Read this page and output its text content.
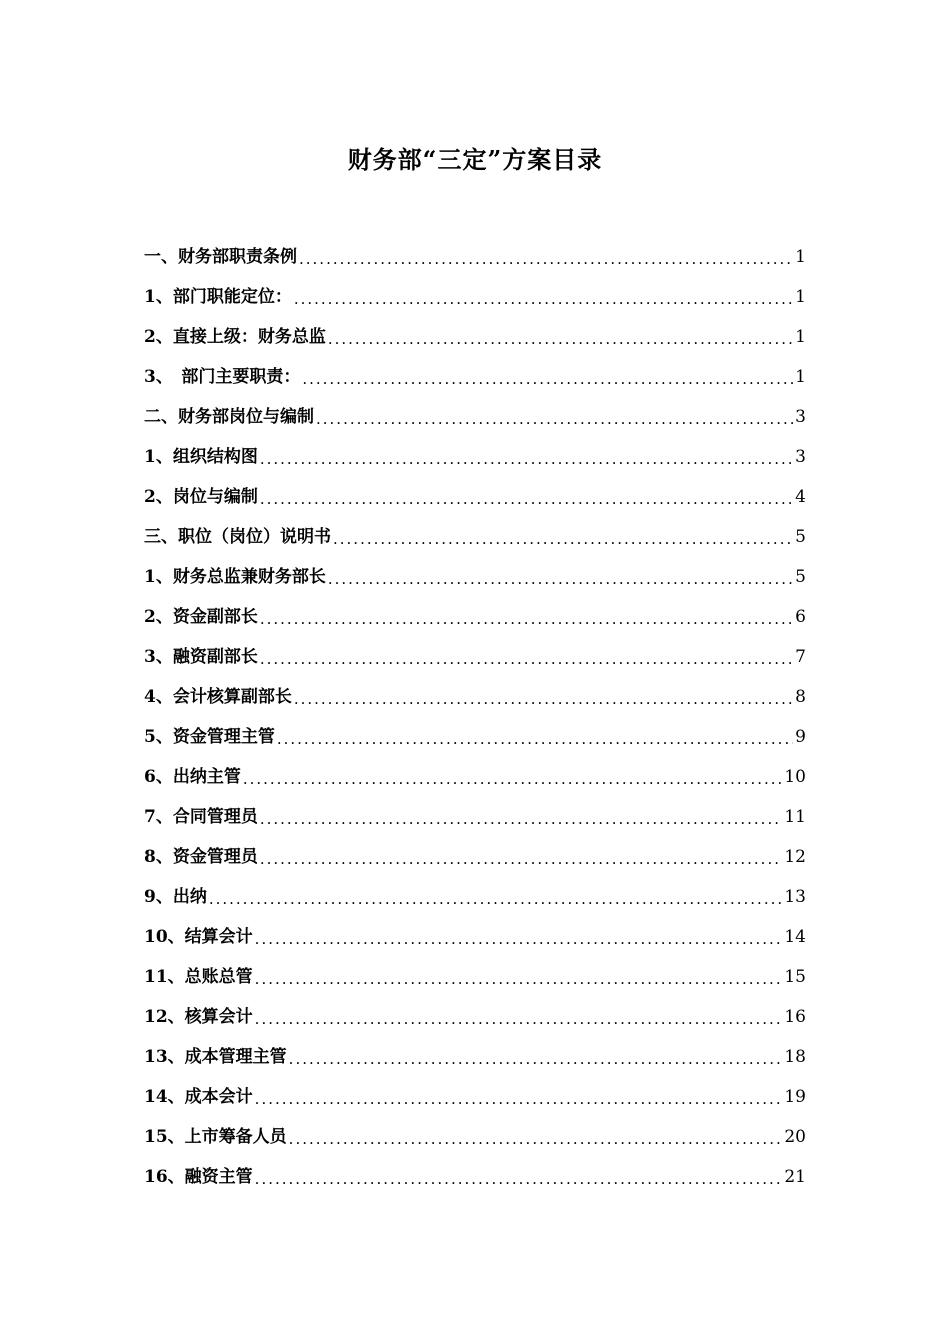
财务部“三定”方案目录
一、财务部职责条例 .....	1
1、部门职能定位： .....	1
2、直接上级：财务总监 .....	1
3、　部门主要职责： .....	1
二、财务部岗位与编制 .....	3
1、组织结构图 .....	3
2、岗位与编制 .....	4
三、职位（岗位）说明书 .....	5
1、财务总监兼财务部长 .....	5
2、资金副部长 .....	6
3、融资副部长 .....	7
4、会计核算副部长 .....	8
5、资金管理主管 .....	9
6、出纳主管 .....	10
7、合同管理员 .....	11
8、资金管理员 .....	12
9、出纳 .....	13
10、结算会计 .....	14
11、总账总管 .....	15
12、核算会计 .....	16
13、成本管理主管 .....	18
14、成本会计 .....	19
15、上市筹备人员 .....	20
16、融资主管 .....	21
